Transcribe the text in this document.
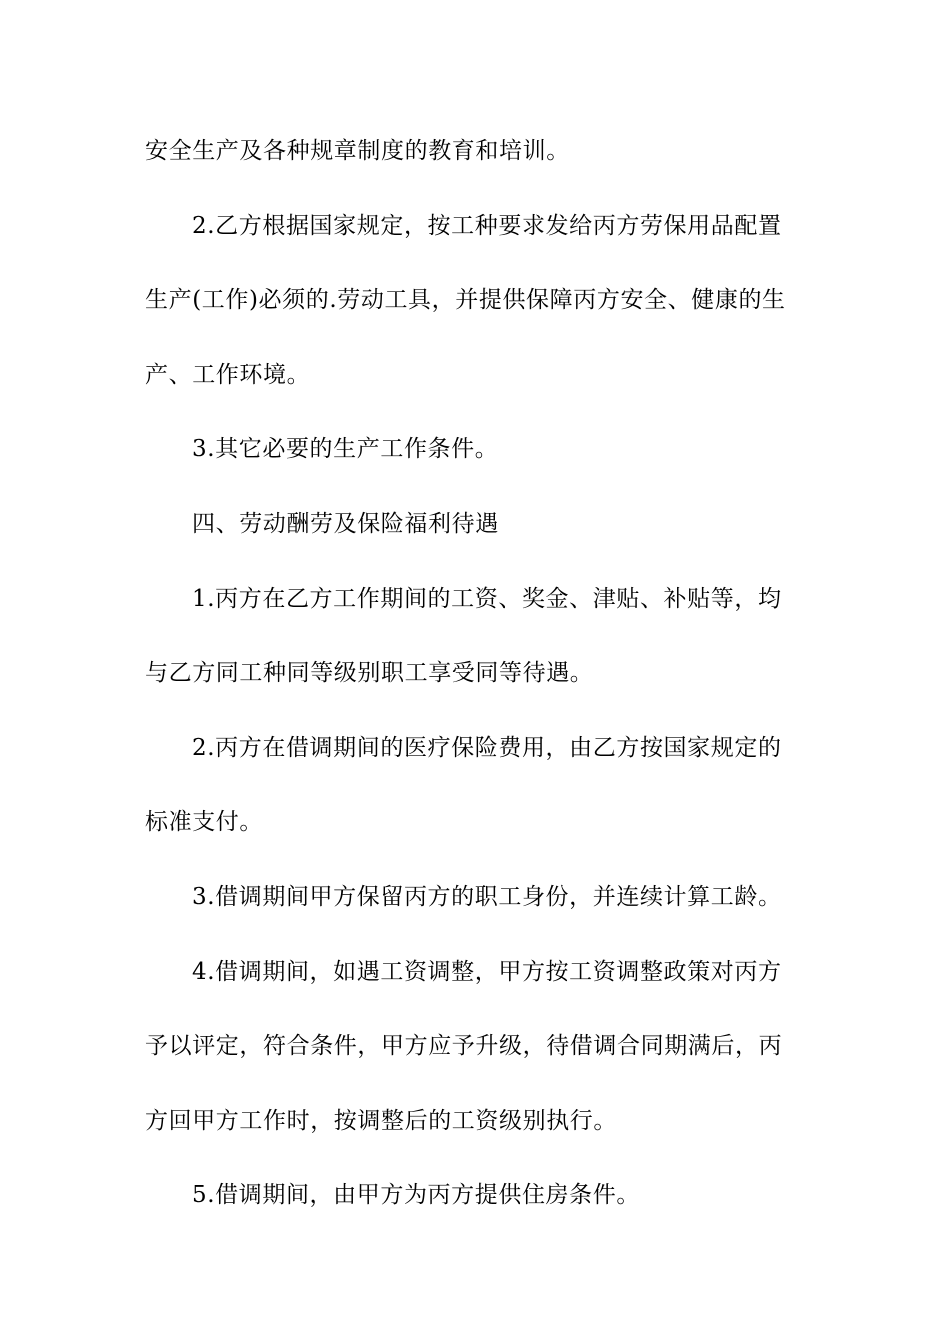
安全生产及各种规章制度的教育和培训。
2.乙方根据国家规定，按工种要求发给丙方劳保用品配置
生产(工作)必须的.劳动工具，并提供保障丙方安全、健康的生
产、工作环境。
3.其它必要的生产工作条件。
四、劳动酬劳及保险福利待遇
1.丙方在乙方工作期间的工资、奖金、津贴、补贴等，均
与乙方同工种同等级别职工享受同等待遇。
2.丙方在借调期间的医疗保险费用，由乙方按国家规定的
标准支付。
3.借调期间甲方保留丙方的职工身份，并连续计算工龄。
4.借调期间，如遇工资调整，甲方按工资调整政策对丙方
予以评定，符合条件，甲方应予升级，待借调合同期满后，丙
方回甲方工作时，按调整后的工资级别执行。
5.借调期间，由甲方为丙方提供住房条件。
